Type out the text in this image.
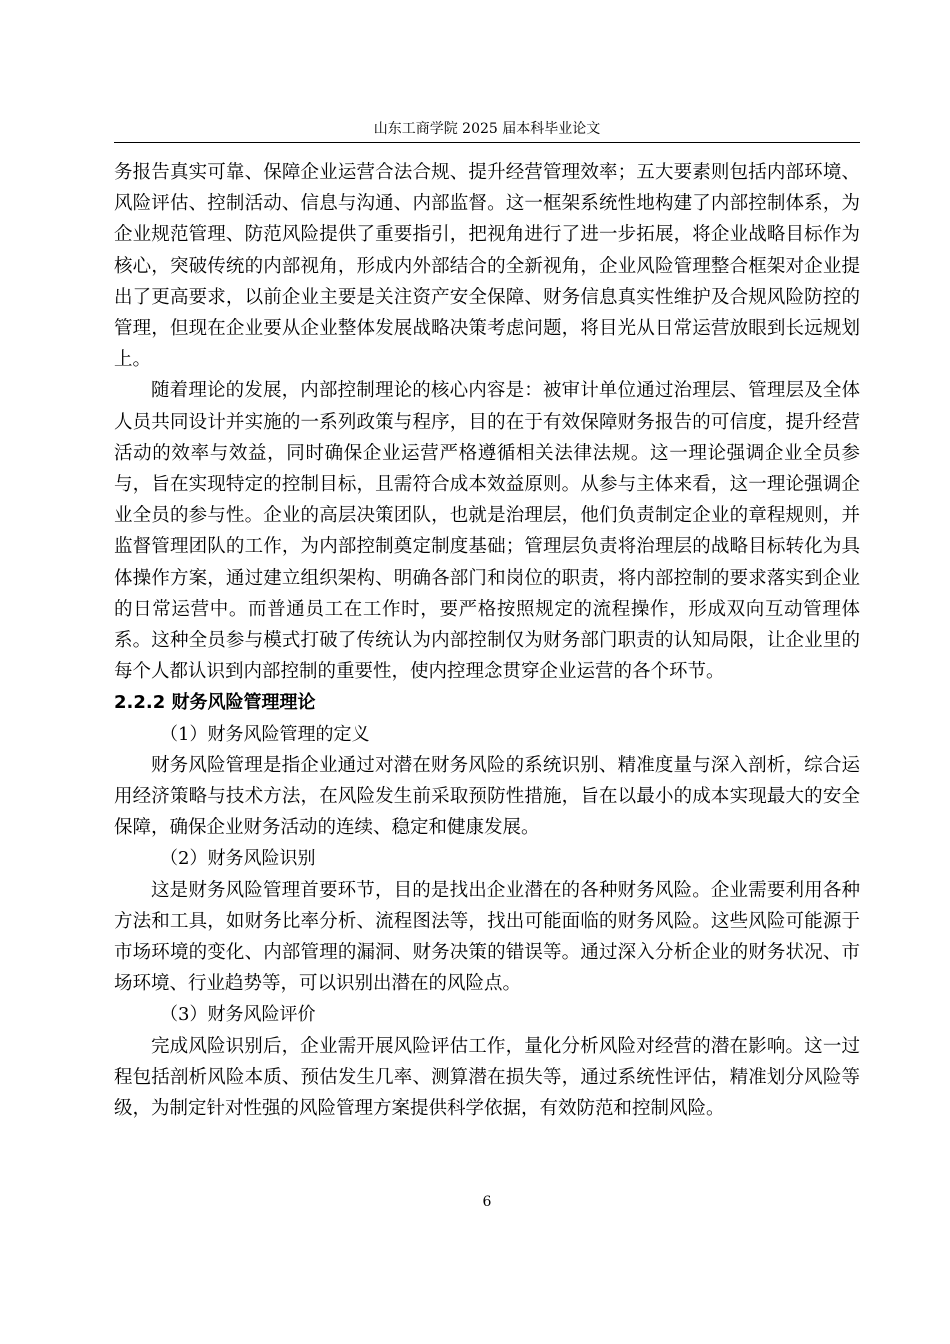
山东工商学院 2025 届本科毕业论文

务报告真实可靠、保障企业运营合法合规、提升经营管理效率；五大要素则包括内部环境、风险评估、控制活动、信息与沟通、内部监督。这一框架系统性地构建了内部控制体系，为企业规范管理、防范风险提供了重要指引，把视角进行了进一步拓展，将企业战略目标作为核心，突破传统的内部视角，形成内外部结合的全新视角，企业风险管理整合框架对企业提出了更高要求，以前企业主要是关注资产安全保障、财务信息真实性维护及合规风险防控的管理，但现在企业要从企业整体发展战略决策考虑问题，将目光从日常运营放眼到长远规划上。

随着理论的发展，内部控制理论的核心内容是：被审计单位通过治理层、管理层及全体人员共同设计并实施的一系列政策与程序，目的在于有效保障财务报告的可信度，提升经营活动的效率与效益，同时确保企业运营严格遵循相关法律法规。这一理论强调企业全员参与，旨在实现特定的控制目标，且需符合成本效益原则。从参与主体来看，这一理论强调企业全员的参与性。企业的高层决策团队，也就是治理层，他们负责制定企业的章程规则，并监督管理团队的工作，为内部控制奠定制度基础；管理层负责将治理层的战略目标转化为具体操作方案，通过建立组织架构、明确各部门和岗位的职责，将内部控制的要求落实到企业的日常运营中。而普通员工在工作时，要严格按照规定的流程操作，形成双向互动管理体系。这种全员参与模式打破了传统认为内部控制仅为财务部门职责的认知局限，让企业里的每个人都认识到内部控制的重要性，使内控理念贯穿企业运营的各个环节。

2.2.2 财务风险管理理论

（1）财务风险管理的定义

财务风险管理是指企业通过对潜在财务风险的系统识别、精准度量与深入剖析，综合运用经济策略与技术方法，在风险发生前采取预防性措施，旨在以最小的成本实现最大的安全保障，确保企业财务活动的连续、稳定和健康发展。

（2）财务风险识别

这是财务风险管理首要环节，目的是找出企业潜在的各种财务风险。企业需要利用各种方法和工具，如财务比率分析、流程图法等，找出可能面临的财务风险。这些风险可能源于市场环境的变化、内部管理的漏洞、财务决策的错误等。通过深入分析企业的财务状况、市场环境、行业趋势等，可以识别出潜在的风险点。

（3）财务风险评价

完成风险识别后，企业需开展风险评估工作，量化分析风险对经营的潜在影响。这一过程包括剖析风险本质、预估发生几率、测算潜在损失等，通过系统性评估，精准划分风险等级，为制定针对性强的风险管理方案提供科学依据，有效防范和控制风险。

6
